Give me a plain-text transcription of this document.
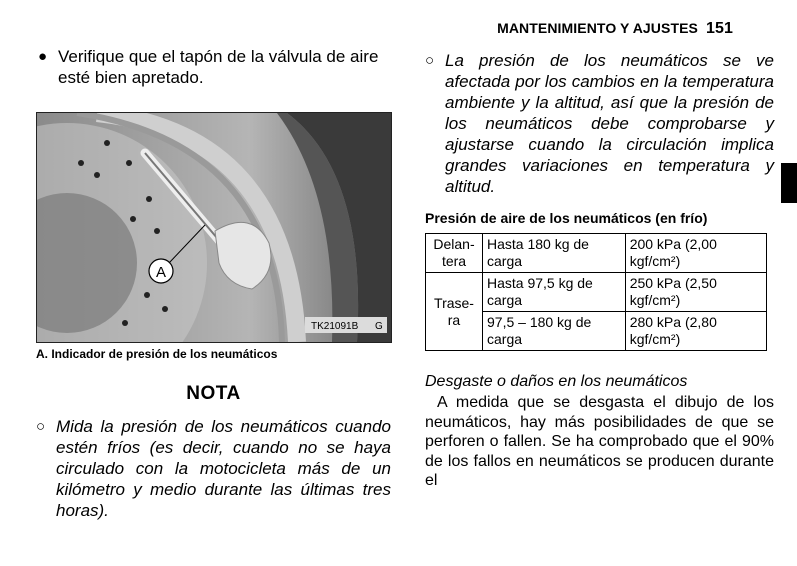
MANTENIMIENTO Y AJUSTES 151
● Verifique que el tapón de la válvula de aire esté bien apretado.
A
TK21091B G
A. Indicador de presión de los neumáticos
NOTA
○ Mida la presión de los neumáticos cuando estén fríos (es decir, cuando no se haya circulado con la motocicleta más de un kilómetro y medio durante las últimas tres horas).
○ La presión de los neumáticos se ve afectada por los cambios en la temperatura ambiente y la altitud, así que la presión de los neumáticos debe comprobarse y ajustarse cuando la circulación implica grandes variaciones en temperatura y altitud.
Presión de aire de los neumáticos (en frío)
Delan-tera	Hasta 180 kg de carga	200 kPa (2,00 kgf/cm²)
Trase-ra	Hasta 97,5 kg de carga	250 kPa (2,50 kgf/cm²)
	97,5 – 180 kg de carga	280 kPa (2,80 kgf/cm²)
Desgaste o daños en los neumáticos
A medida que se desgasta el dibujo de los neumáticos, hay más posibilidades de que se perforen o fallen. Se ha comprobado que el 90% de los fallos en neumáticos se producen durante el
